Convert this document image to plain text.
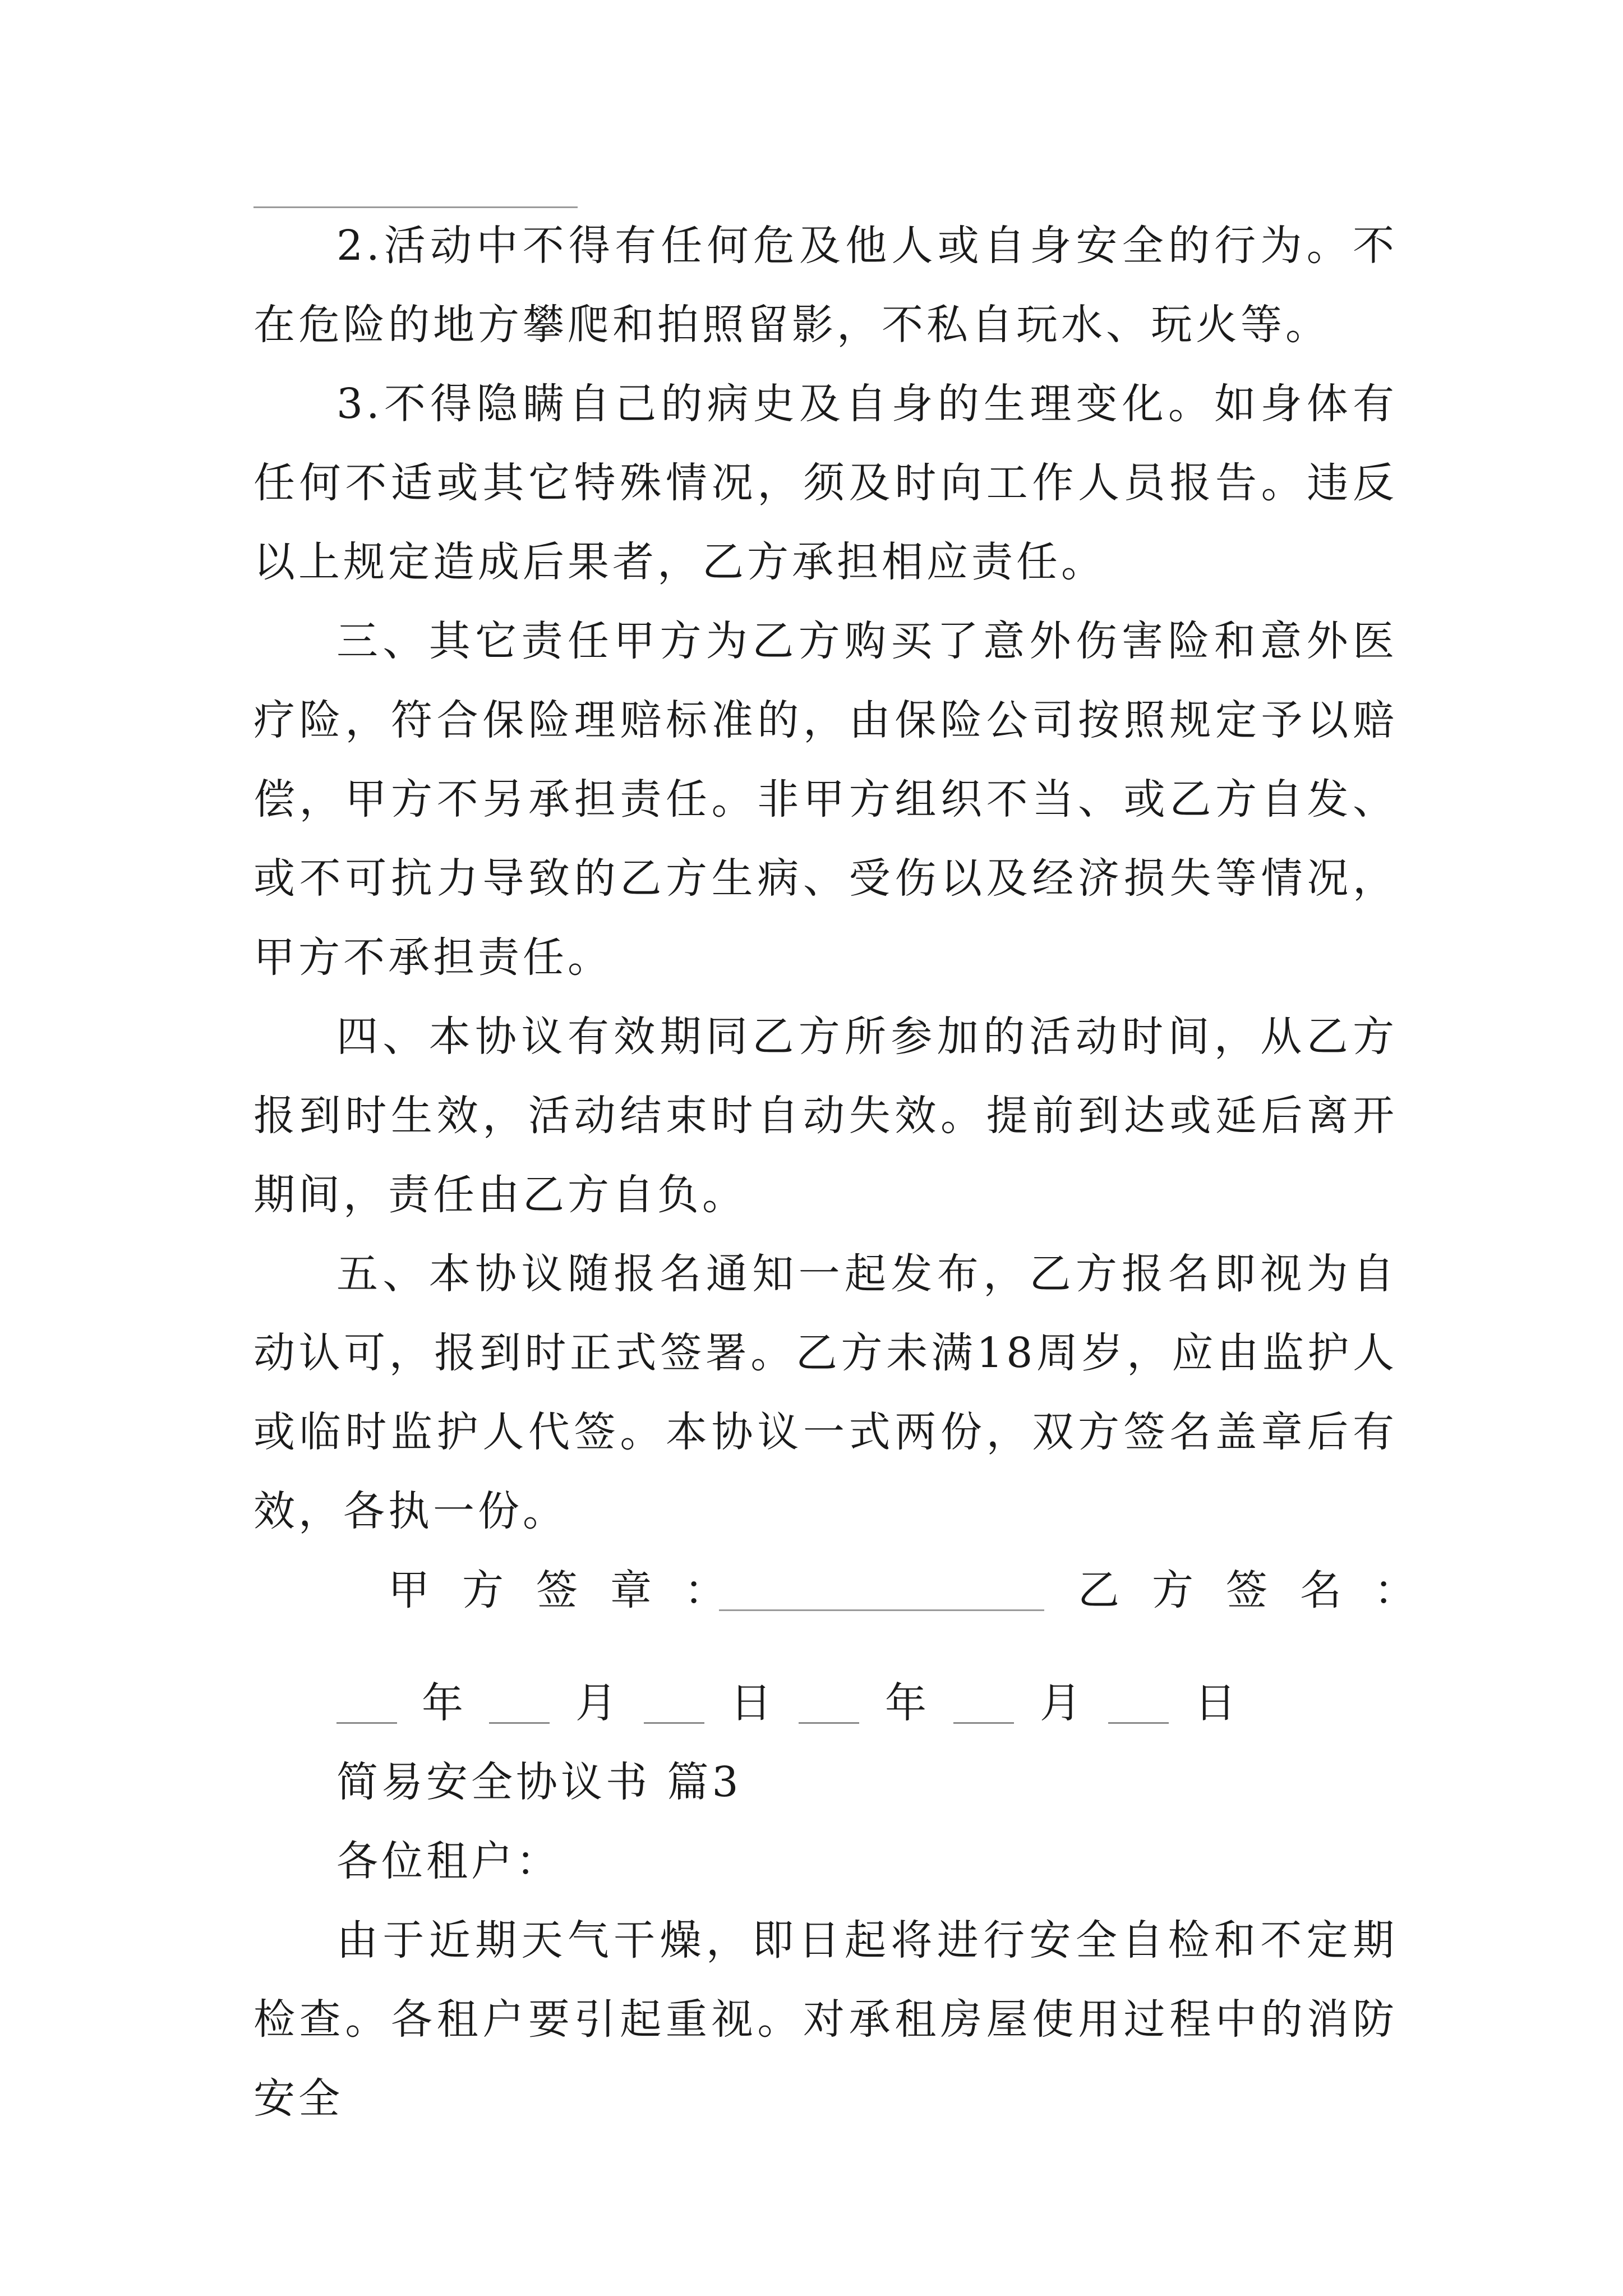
2.活动中不得有任何危及他人或自身安全的行为。不在危险的地方攀爬和拍照留影，不私自玩水、玩火等。

3.不得隐瞒自己的病史及自身的生理变化。如身体有任何不适或其它特殊情况，须及时向工作人员报告。违反以上规定造成后果者，乙方承担相应责任。

三、其它责任甲方为乙方购买了意外伤害险和意外医疗险，符合保险理赔标准的，由保险公司按照规定予以赔偿，甲方不另承担责任。非甲方组织不当、或乙方自发、或不可抗力导致的乙方生病、受伤以及经济损失等情况，甲方不承担责任。

四、本协议有效期同乙方所参加的活动时间，从乙方报到时生效，活动结束时自动失效。提前到达或延后离开期间，责任由乙方自负。

五、本协议随报名通知一起发布，乙方报名即视为自动认可，报到时正式签署。乙方未满18周岁，应由监护人或临时监护人代签。本协议一式两份，双方签名盖章后有效，各执一份。

甲方签章：	乙方签名：
年	月	日	年	月	日

简易安全协议书 篇3

各位租户：

由于近期天气干燥，即日起将进行安全自检和不定期检查。各租户要引起重视。对承租房屋使用过程中的消防安全
